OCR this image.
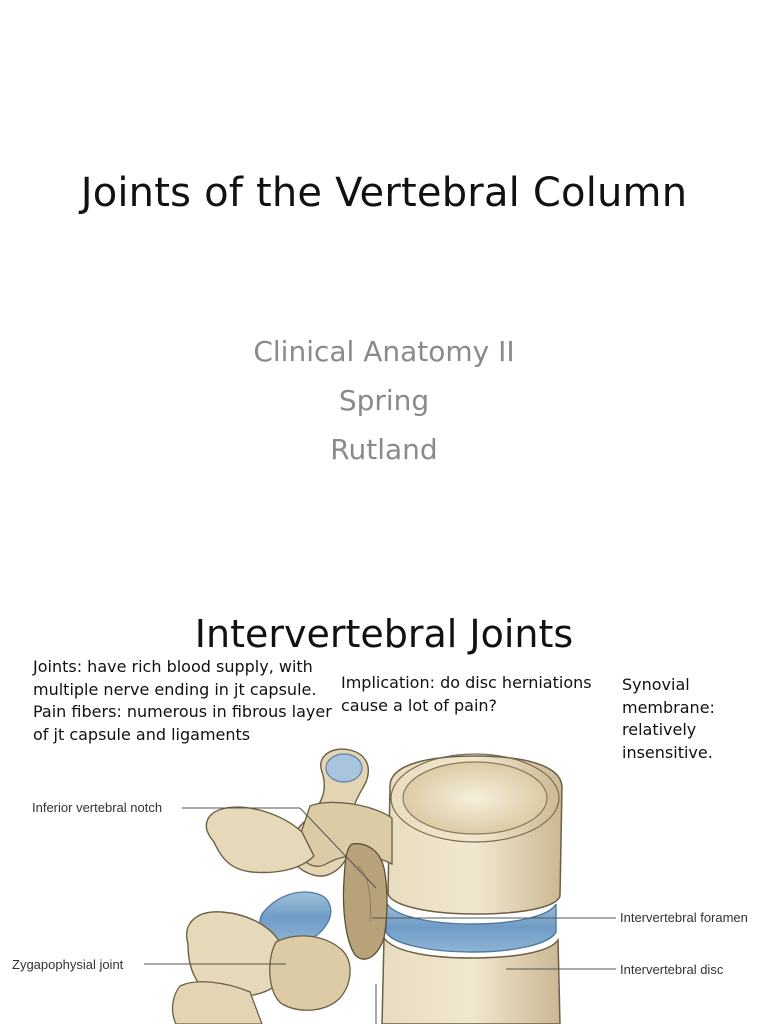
Joints of the Vertebral Column
Clinical Anatomy II
Spring
Rutland
Intervertebral Joints
Joints: have rich blood supply, with
multiple nerve ending in jt capsule.
Pain fibers: numerous in fibrous layer
of jt capsule and ligaments
Implication: do disc herniations
cause a lot of pain?
Synovial
membrane:
relatively
insensitive.
Inferior vertebral notch
Zygapophysial joint
Intervertebral foramen
Intervertebral disc
